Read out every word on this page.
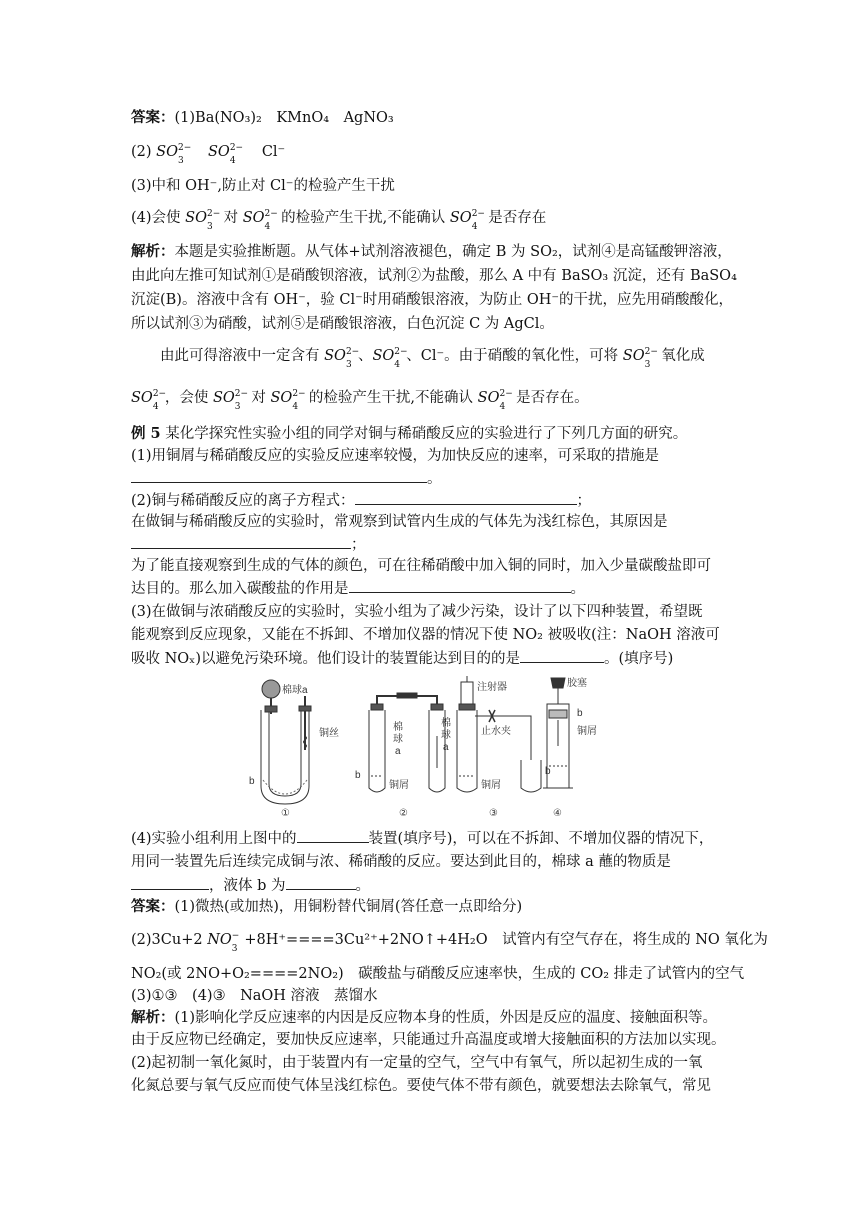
答案：(1)Ba(NO₃)₂　KMnO₄　AgNO₃
(2) SO 2−
3
SO 2−
4
Cl⁻
(3)中和 OH⁻,防止对 Cl⁻的检验产生干扰
(4)会使 SO 2−
3
对 SO 2−
4
的检验产生干扰,不能确认 SO 2−
4
是否存在
解析：本题是实验推断题。从气体+试剂溶液褪色，确定 B 为 SO₂，试剂④是高锰酸钾溶液，
由此向左推可知试剂①是硝酸钡溶液，试剂②为盐酸，那么 A 中有 BaSO₃ 沉淀，还有 BaSO₄
沉淀(B)。溶液中含有 OH⁻，验 Cl⁻时用硝酸银溶液，为防止 OH⁻的干扰，应先用硝酸酸化，
所以试剂③为硝酸，试剂⑤是硝酸银溶液，白色沉淀 C 为 AgCl。
由此可得溶液中一定含有 SO 2−
3
、SO 2−
4
、Cl⁻。由于硝酸的氧化性，可将 SO 2−
3
氧化成
SO 2−
4
，会使 SO 2−
3
对 SO 2−
4
的检验产生干扰,不能确认 SO 2−
4
是否存在。
例 5 某化学探究性实验小组的同学对铜与稀硝酸反应的实验进行了下列几方面的研究。
(1)用铜屑与稀硝酸反应的实验反应速率较慢，为加快反应的速率，可采取的措施是
。
(2)铜与稀硝酸反应的离子方程式：	；
在做铜与稀硝酸反应的实验时，常观察到试管内生成的气体先为浅红棕色，其原因是
；
为了能直接观察到生成的气体的颜色，可在往稀硝酸中加入铜的同时，加入少量碳酸盐即可
达目的。那么加入碳酸盐的作用是	。
(3)在做铜与浓硝酸反应的实验时，实验小组为了减少污染，设计了以下四种装置，希望既
能观察到反应现象，又能在不拆卸、不增加仪器的情况下使 NO₂ 被吸收(注：NaOH 溶液可
吸收 NOₓ)以避免污染环境。他们设计的装置能达到目的的是	。(填序号)
棉球a
铜丝
b
棉
球
a
b
铜屑
注射器
棉
球
a
止水夹
铜屑
b
胶塞
b
铜屑
①	②	③	④
(4)实验小组利用上图中的	装置(填序号)，可以在不拆卸、不增加仪器的情况下，
用同一装置先后连续完成铜与浓、稀硝酸的反应。要达到此目的，棉球 a 蘸的物质是
，液体 b 为	。
答案：(1)微热(或加热)，用铜粉替代铜屑(答任意一点即给分)
(2)3Cu+2 NO −
3
+8H⁺====3Cu²⁺+2NO↑+4H₂O　试管内有空气存在，将生成的 NO 氧化为
NO₂(或 2NO+O₂====2NO₂)　碳酸盐与硝酸反应速率快，生成的 CO₂ 排走了试管内的空气
(3)①③　(4)③　NaOH 溶液　蒸馏水
解析：(1)影响化学反应速率的内因是反应物本身的性质，外因是反应的温度、接触面积等。
由于反应物已经确定，要加快反应速率，只能通过升高温度或增大接触面积的方法加以实现。
(2)起初制一氧化氮时，由于装置内有一定量的空气，空气中有氧气，所以起初生成的一氧
化氮总要与氧气反应而使气体呈浅红棕色。要使气体不带有颜色，就要想法去除氧气，常见
